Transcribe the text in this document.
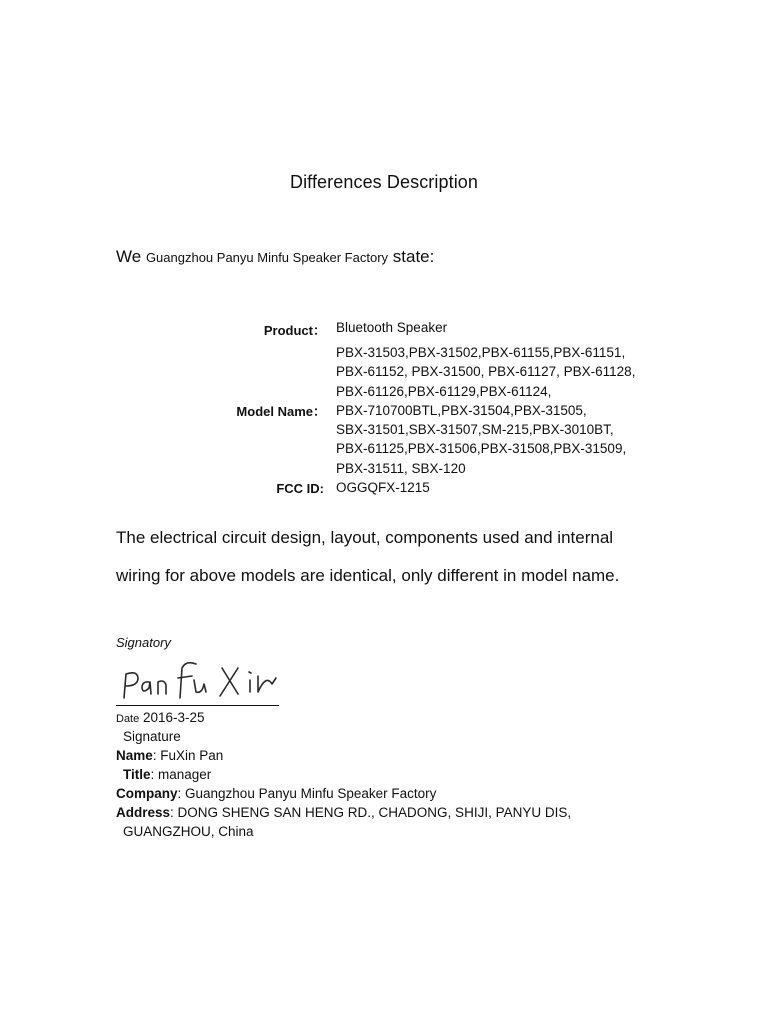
Differences Description
We Guangzhou Panyu Minfu Speaker Factory state:
Product： Bluetooth Speaker
Model Name：
PBX-31503,PBX-31502,PBX-61155,PBX-61151,
PBX-61152, PBX-31500, PBX-61127, PBX-61128,
PBX-61126,PBX-61129,PBX-61124,
PBX-710700BTL,PBX-31504,PBX-31505,
SBX-31501,SBX-31507,SM-215,PBX-3010BT,
PBX-61125,PBX-31506,PBX-31508,PBX-31509,
PBX-31511, SBX-120
FCC ID: OGGQFX-1215
The electrical circuit design, layout, components used and internal
wiring for above models are identical, only different in model name.
Signatory
Date 2016-3-25
Signature
Name: FuXin Pan
Title: manager
Company: Guangzhou Panyu Minfu Speaker Factory
Address: DONG SHENG SAN HENG RD., CHADONG, SHIJI, PANYU DIS,
GUANGZHOU, China
